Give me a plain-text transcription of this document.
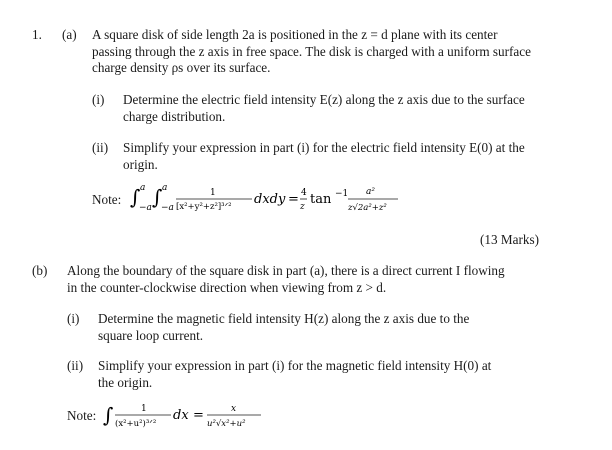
1. (a) A square disk of side length 2a is positioned in the z = d plane with its center
passing through the z axis in free space. The disk is charged with a uniform surface
charge density ρs over its surface.
(i) Determine the electric field intensity E(z) along the z axis due to the surface
charge distribution.
(ii) Simplify your expression in part (i) for the electric field intensity E(0) at the
origin.
Note: ∫ a
−a ∫ a
−a
1
[x²+y²+z²]³ᐟ² dxdy = 4
z tan −1 a²
z√2a²+z²
(13 Marks)
(b) Along the boundary of the square disk in part (a), there is a direct current I flowing
in the counter-clockwise direction when viewing from z > d.
(i) Determine the magnetic field intensity H(z) along the z axis due to the
square loop current.
(ii) Simplify your expression in part (i) for the magnetic field intensity H(0) at
the origin.
Note: ∫	1
(x²+u²)³ᐟ²
dx =	x
u²√x²+u²
